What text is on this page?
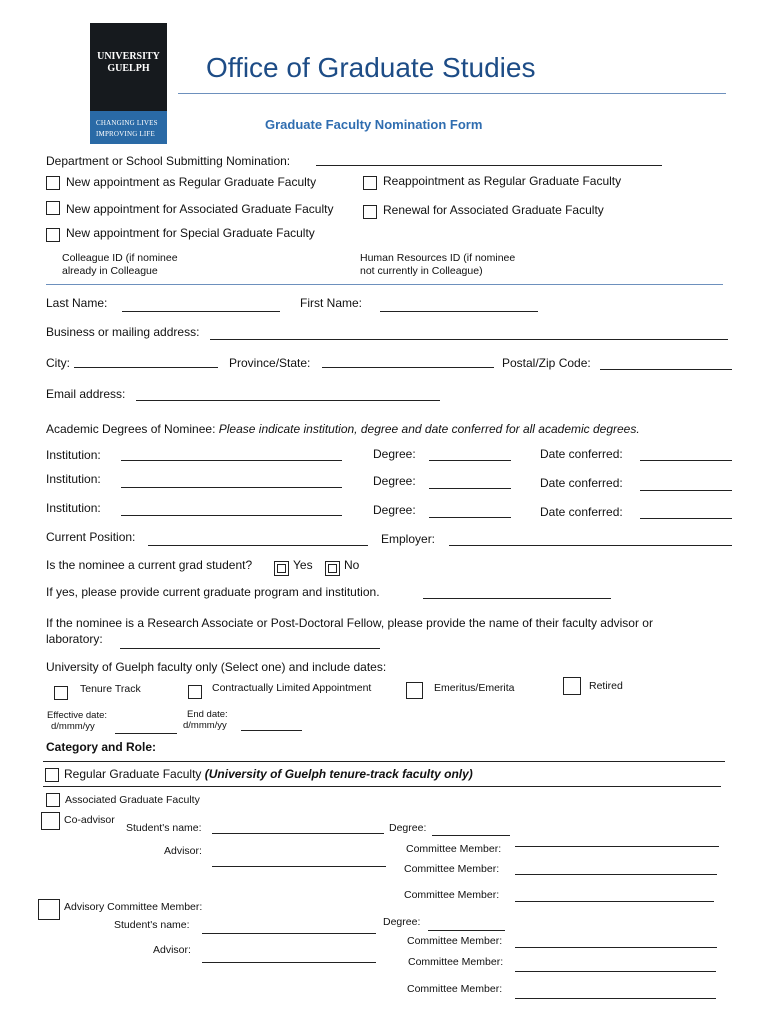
UNIVERSITY
GUELPH
CHANGING LIVES
IMPROVING LIFE
Office of Graduate Studies
Graduate Faculty Nomination Form
Department or School Submitting Nomination:
New appointment as Regular Graduate Faculty	Reappointment as Regular Graduate Faculty
New appointment for Associated Graduate Faculty	Renewal for Associated Graduate Faculty
New appointment for Special Graduate Faculty
Colleague ID (if nominee
already in Colleague
Human Resources ID (if nominee
not currently in Colleague)
Last Name:	First Name:
Business or mailing address:
City:	Province/State:	Postal/Zip Code:
Email address:
Academic Degrees of Nominee: Please indicate institution, degree and date conferred for all academic degrees.
Institution:	Degree:	Date conferred:
Institution:	Degree:	Date conferred:
Institution:	Degree:	Date conferred:
Current Position:	Employer:
Is the nominee a current grad student?	Yes	No
If yes, please provide current graduate program and institution.
If the nominee is a Research Associate or Post-Doctoral Fellow, please provide the name of their faculty advisor or
laboratory:
University of Guelph faculty only (Select one) and include dates:
Tenure Track	Contractually Limited Appointment	Emeritus/Emerita	Retired
Effective date:
d/mmm/yy
End date:
d/mmm/yy
Category and Role:
Regular Graduate Faculty (University of Guelph tenure-track faculty only)
Associated Graduate Faculty
Co-advisor
Student's name:	Degree:
Advisor:	Committee Member:
Committee Member:
Committee Member:
Advisory Committee Member:
Student's name:	Degree:
Advisor:
Committee Member:
Committee Member:
Committee Member:
